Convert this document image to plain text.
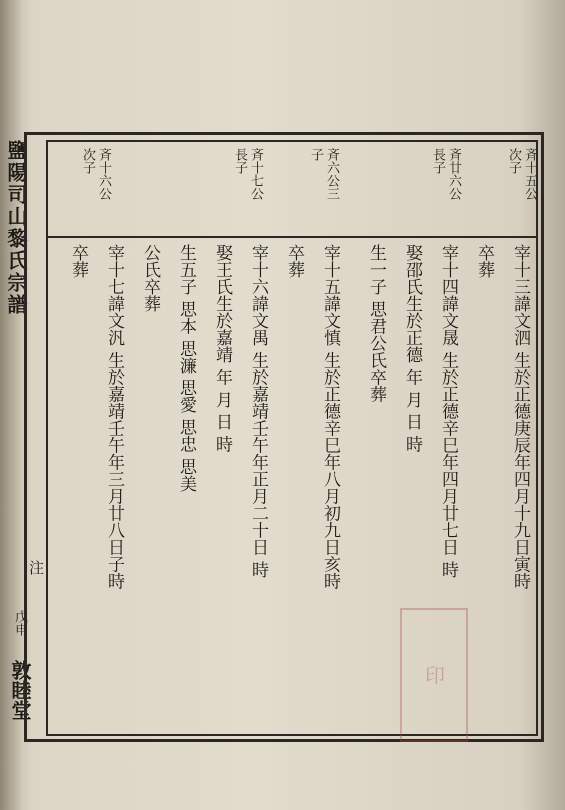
鹽陽司山黎氏宗譜
注
戊申
敦睦堂
斉十五公
次子
斉廿六公
長子
斉六公三
子
斉十七公
長子
斉十六公
次子
宰十三諱文泗 生於正德庚辰年四月十九日寅時
卒葬
宰十四諱文晟 生於正德辛巳年四月廿七日 時
娶邵氏生於正德 年 月 日 時
生一子 思君公氏卒葬
宰十五諱文慎 生於正德辛巳年八月初九日亥時
卒葬
宰十六諱文禺 生於嘉靖壬午年正月二十日 時
娶王氏生於嘉靖 年 月 日 時
生五子 思本 思濂 思愛 思忠 思美
公氏卒葬
宰十七諱文汎 生於嘉靖壬午年三月廿八日子時
卒葬
印
